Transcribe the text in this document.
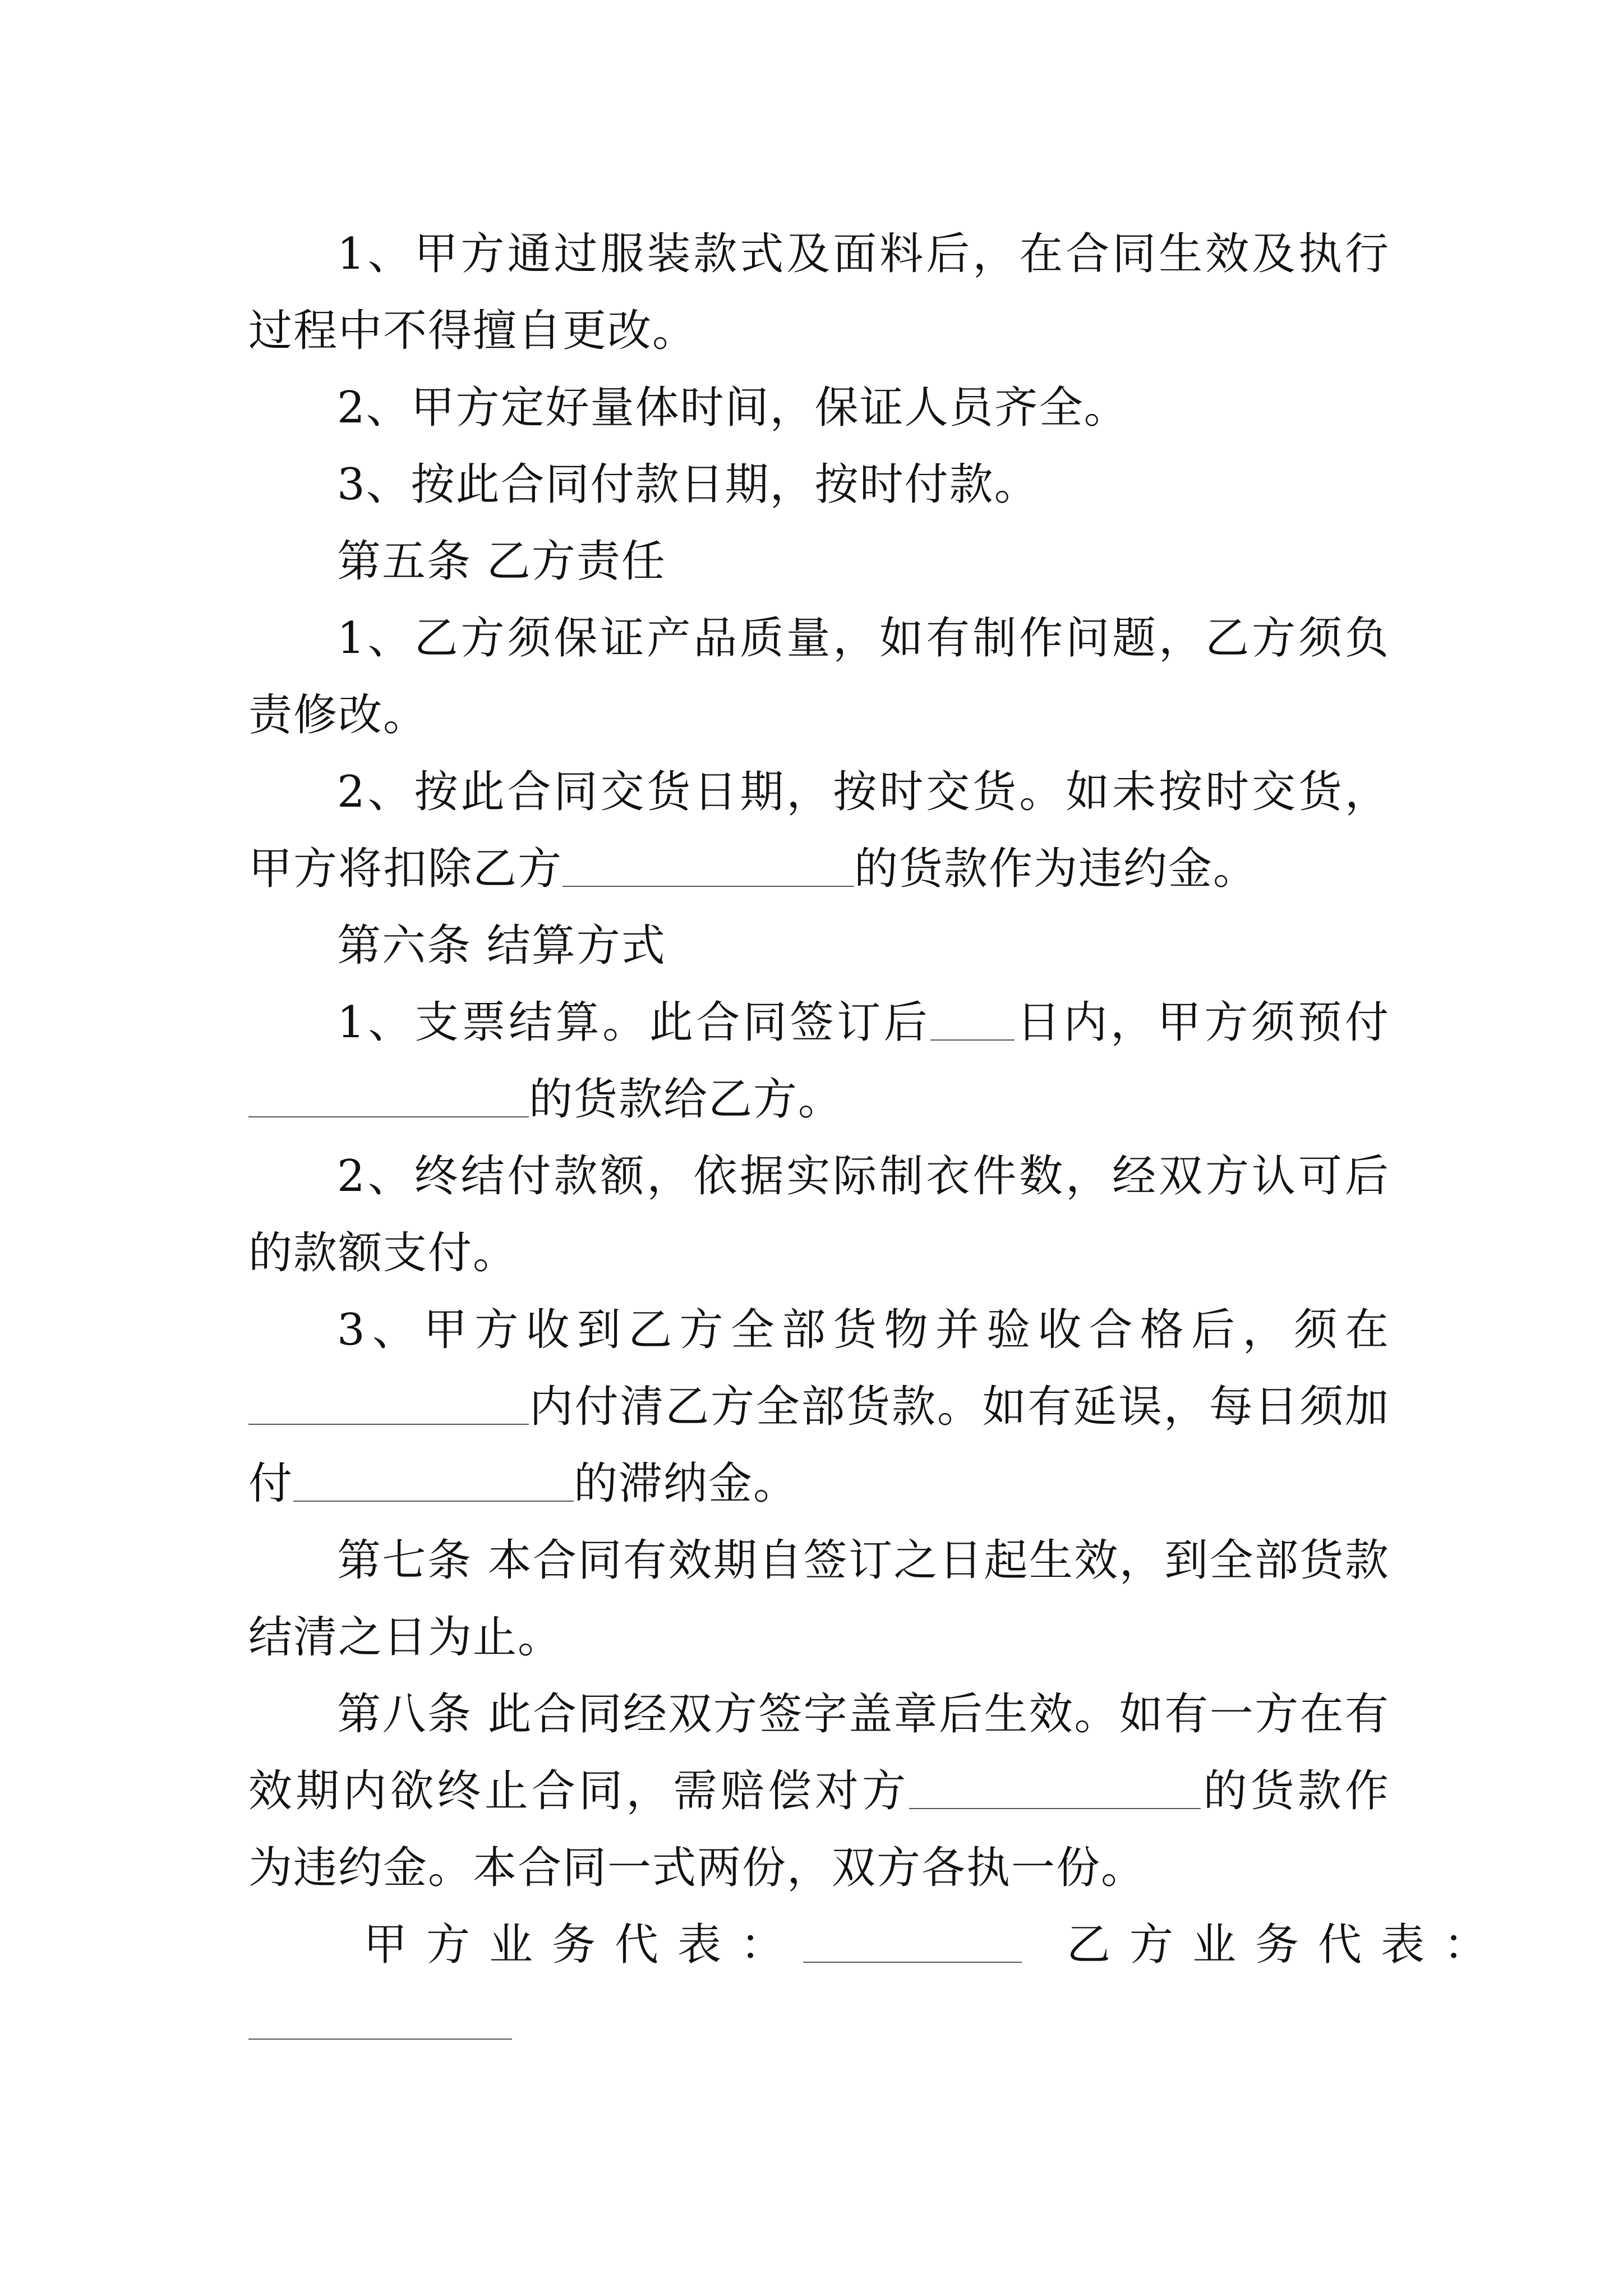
1、甲方通过服装款式及面料后，在合同生效及执行过程中不得擅自更改。

2、甲方定好量体时间，保证人员齐全。

3、按此合同付款日期，按时付款。

第五条 乙方责任

1、乙方须保证产品质量，如有制作问题，乙方须负责修改。

2、按此合同交货日期，按时交货。如未按时交货，甲方将扣除乙方	的货款作为违约金。

第六条 结算方式

1、支票结算。此合同签订后 日内，甲方须预付的货款给乙方。

2、终结付款额，依据实际制衣件数，经双方认可后的款额支付。

3、甲方收到乙方全部货物并验收合格后，须在内付清乙方全部货款。如有延误，每日须加付	的滞纳金。

第七条 本合同有效期自签订之日起生效，到全部货款结清之日为止。

第八条 此合同经双方签字盖章后生效。如有一方在有效期内欲终止合同，需赔偿对方	的货款作为违约金。本合同一式两份，双方各执一份。

甲方业务代表：	乙方业务代表：
